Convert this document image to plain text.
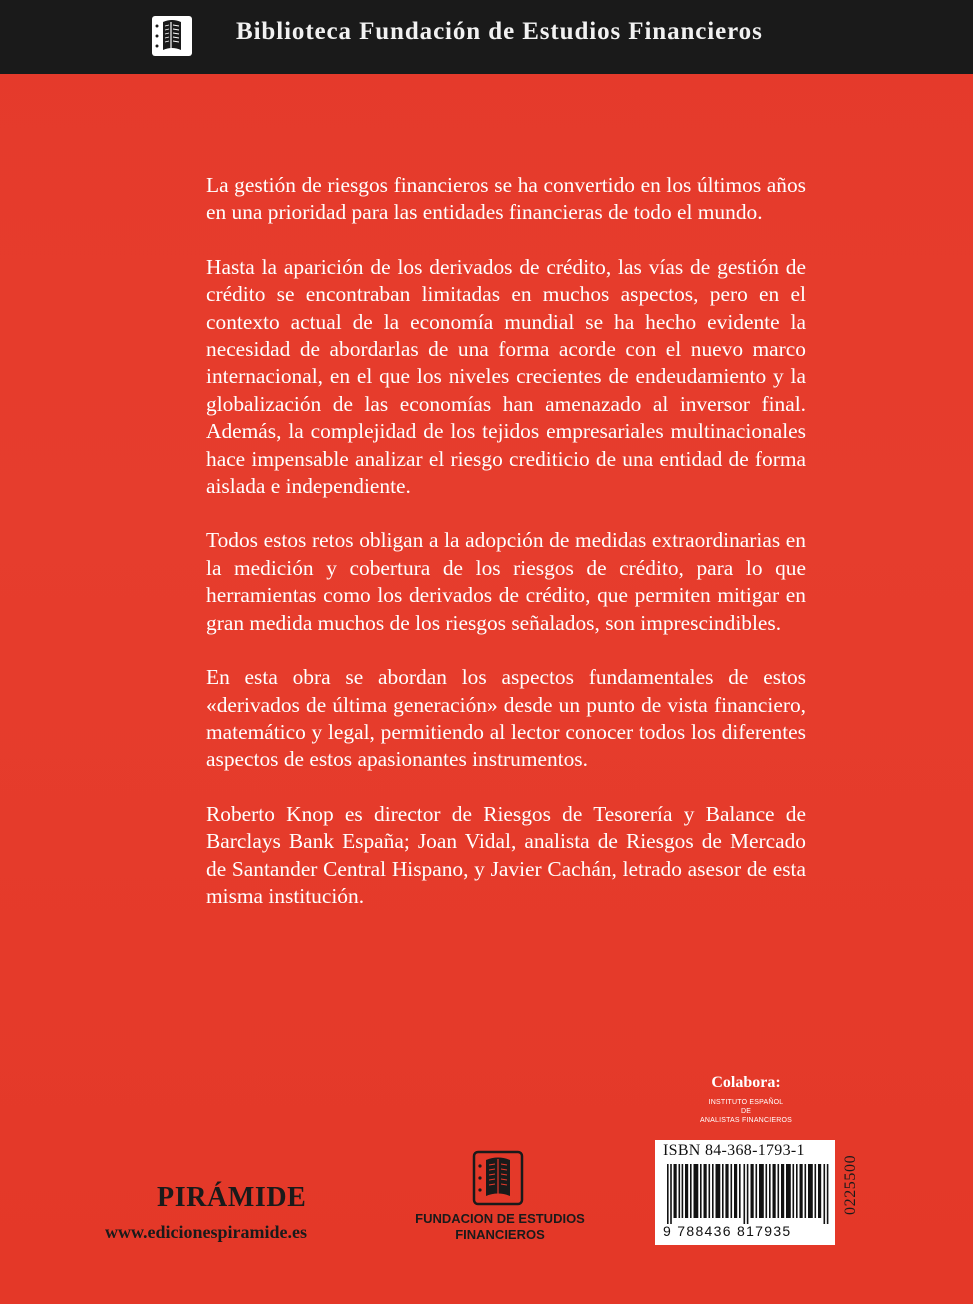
Biblioteca Fundación de Estudios Financieros

La gestión de riesgos financieros se ha convertido en los últimos años en una prioridad para las entidades financieras de todo el mundo.

Hasta la aparición de los derivados de crédito, las vías de gestión de crédito se encontraban limitadas en muchos aspectos, pero en el contexto actual de la economía mundial se ha hecho evidente la necesidad de abordarlas de una forma acorde con el nuevo marco internacional, en el que los niveles crecientes de endeudamiento y la globalización de las economías han amenazado al inversor final. Además, la complejidad de los tejidos empresariales multinacionales hace impensable analizar el riesgo crediticio de una entidad de forma aislada e independiente.

Todos estos retos obligan a la adopción de medidas extraordinarias en la medición y cobertura de los riesgos de crédito, para lo que herramientas como los derivados de crédito, que permiten mitigar en gran medida muchos de los riesgos señalados, son imprescindibles.

En esta obra se abordan los aspectos fundamentales de estos «derivados de última generación» desde un punto de vista financiero, matemático y legal, permitiendo al lector conocer todos los diferentes aspectos de estos apasionantes instrumentos.

Roberto Knop es director de Riesgos de Tesorería y Balance de Barclays Bank España; Joan Vidal, analista de Riesgos de Mercado de Santander Central Hispano, y Javier Cachán, letrado asesor de esta misma institución.

Colabora:
INSTITUTO ESPAÑOL
DE
ANALISTAS FINANCIEROS
ISBN 84-368-1793-1
9 788436 817935
0225500
PIRÁMIDE
www.edicionespiramide.es
FUNDACION DE ESTUDIOS
FINANCIEROS
